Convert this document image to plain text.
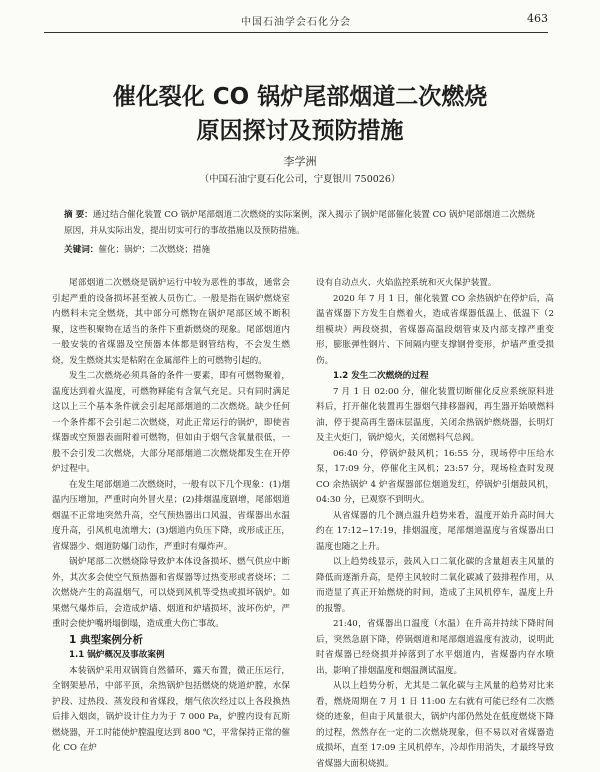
中国石油学会石化分会	463
催化裂化 CO 锅炉尾部烟道二次燃烧
原因探讨及预防措施
李学洲
（中国石油宁夏石化公司，宁夏银川 750026）
摘 要：通过结合催化装置 CO 锅炉尾部烟道二次燃烧的实际案例，深入揭示了锅炉尾部催化装置 CO 锅炉尾部烟道二次燃烧原因，并从实际出发，提出切实可行的事故措施以及预防措施。
关键词：催化；锅炉；二次燃烧；措施

尾部烟道二次燃烧是锅炉运行中较为恶性的事故，通常会引起严重的设备损坏甚至被人员伤亡。一般是指在锅炉燃烧室内燃料未完全燃烧，其中部分可燃物在锅炉尾部区域不断积聚，这些积聚物在适当的条件下重新燃烧的现象。尾部烟道内一般安装的省煤器及空预器本体都是钢管结构，不会发生燃烧，发生燃烧其实是粘附在金属部件上的可燃物引起的。

发生二次燃烧必须具备的条件一要素，即有可燃物聚着，温度达到着火温度，可燃物释能有含氧气充足。只有同时满足这以上三个基本条件就会引起尾部烟道的二次燃烧。缺少任何一个条件都不会引起二次燃烧，对此正常运行的锅炉，即使省煤器或空预器表面附着可燃物，但如由于烟气含氧量很低，一般不会引发二次燃烧，大部分尾部烟道二次燃烧都发生在开停炉过程中。

在发生尾部烟道二次燃烧时，一般有以下几个现象：(1)烟温内压增加，严重时向外冒火星；(2)排烟温度剧增，尾部烟道烟温不正常地突然升高，空气预热器出口风温，省煤器出水温度升高，引风机电流增大；(3)烟道内负压下降，或形成正压，省煤器少、烟道防爆门动作，严重时有爆炸声。

锅炉尾部二次燃烧除导致炉本体设备损坏、燃气供应中断外，其次多会使空气预热器和省煤器等过热变形或者烧坏；二次燃烧产生的高温烟气，可以烧到风机等受热或损坏锅炉。如果燃气爆炸后，会造成炉墙、烟道和炉墙损坏，波坏伤炉，严重时会使炉嘴坍塌倒塌，造成重大伤亡事故。

1 典型案例分析

1.1 锅炉概况及事故案例

本装锅炉采用双锅筒自然循环，露天布置，微正压运行，全钢架悬吊，中部平顶，余热锅炉包括燃烧的烧道炉膛，水保护段、过热段、蒸发段和省煤段，烟气依次经过以上各段换热后排入烟囱，锅炉设计住力为于 7 000 Pa，炉膛内设有瓦斯燃烧器，开工时能使炉膛温度达到 800 ℃，平常保持正常的催化 CO 在炉

设有自动点火、火焰监控系统和灭火保护装置。

2020 年 7 月 1 日，催化装置 CO 余热锅炉在停炉后，高温省煤器下方发生自燃着火，造成省煤器低温上、低温下（2 组模块）两段烧损，省煤器高温段烟管束及内部支撑严重变形，膨胀弹性钢片、下间隔内壁支撑钢骨变形，炉墙严重受损伤。

1.2 发生二次燃烧的过程

7 月 1 日 02:00 分，催化装置切断催化反应系统原料进料后，打开催化装置再生器烟气排移器阀，再生器开始喷燃料油，停于提高再生器床层温度，关闭余热锅炉燃烧器，长明灯及主火炬门，锅炉熄火，关闭燃料气总阀。

06:40 分，停锅炉鼓风机；16:55 分，现场停中压给水泵，17:09 分，停催化主风机；23:57 分，现场检查时发现 CO 余热锅炉 4 炉省煤器部位烟道发红，停锅炉引烟鼓风机，04:30 分，已观察不到明火。

从省煤器的几个测点温升趋势来看，温度开始升高时间大约在 17:12~17:19，排烟温度，尾部烟道温度与省煤器出口温度也随之上升。

以上趋势线显示，鼓风入口二氧化碳的含量超表主风量的降低而逐渐升高，是停主风较时二氧化碳减了鼓排程作用，从而造显了真正开始燃烧的时间，造成了主风机停车，温度上升的报警。

21:40，省煤器出口温度（水温）在升高并持续下降时间后，突然急剧下降，停锅烟道和尾部烟道温度有波动，说明此时省煤器已经烧损并掉落到了水平烟道内，省煤器内存水喷出，影响了排烟温度和烟温测试温度。

从以上趋势分析，尤其是二氧化碳与主风量的趋势对比来看，燃烧周期在 7 月 1 日 11:00 左右就有可能已经有二次燃烧的迹象，但由于风量很大，锅炉内部仍然处在低度燃烧下降的过程，然然存在一定的二次燃烧现象，但不易以对省煤器造成损坏，直至 17:09 主风机停车，冷却作用消失，才最终导致省煤器大面积烧损。
